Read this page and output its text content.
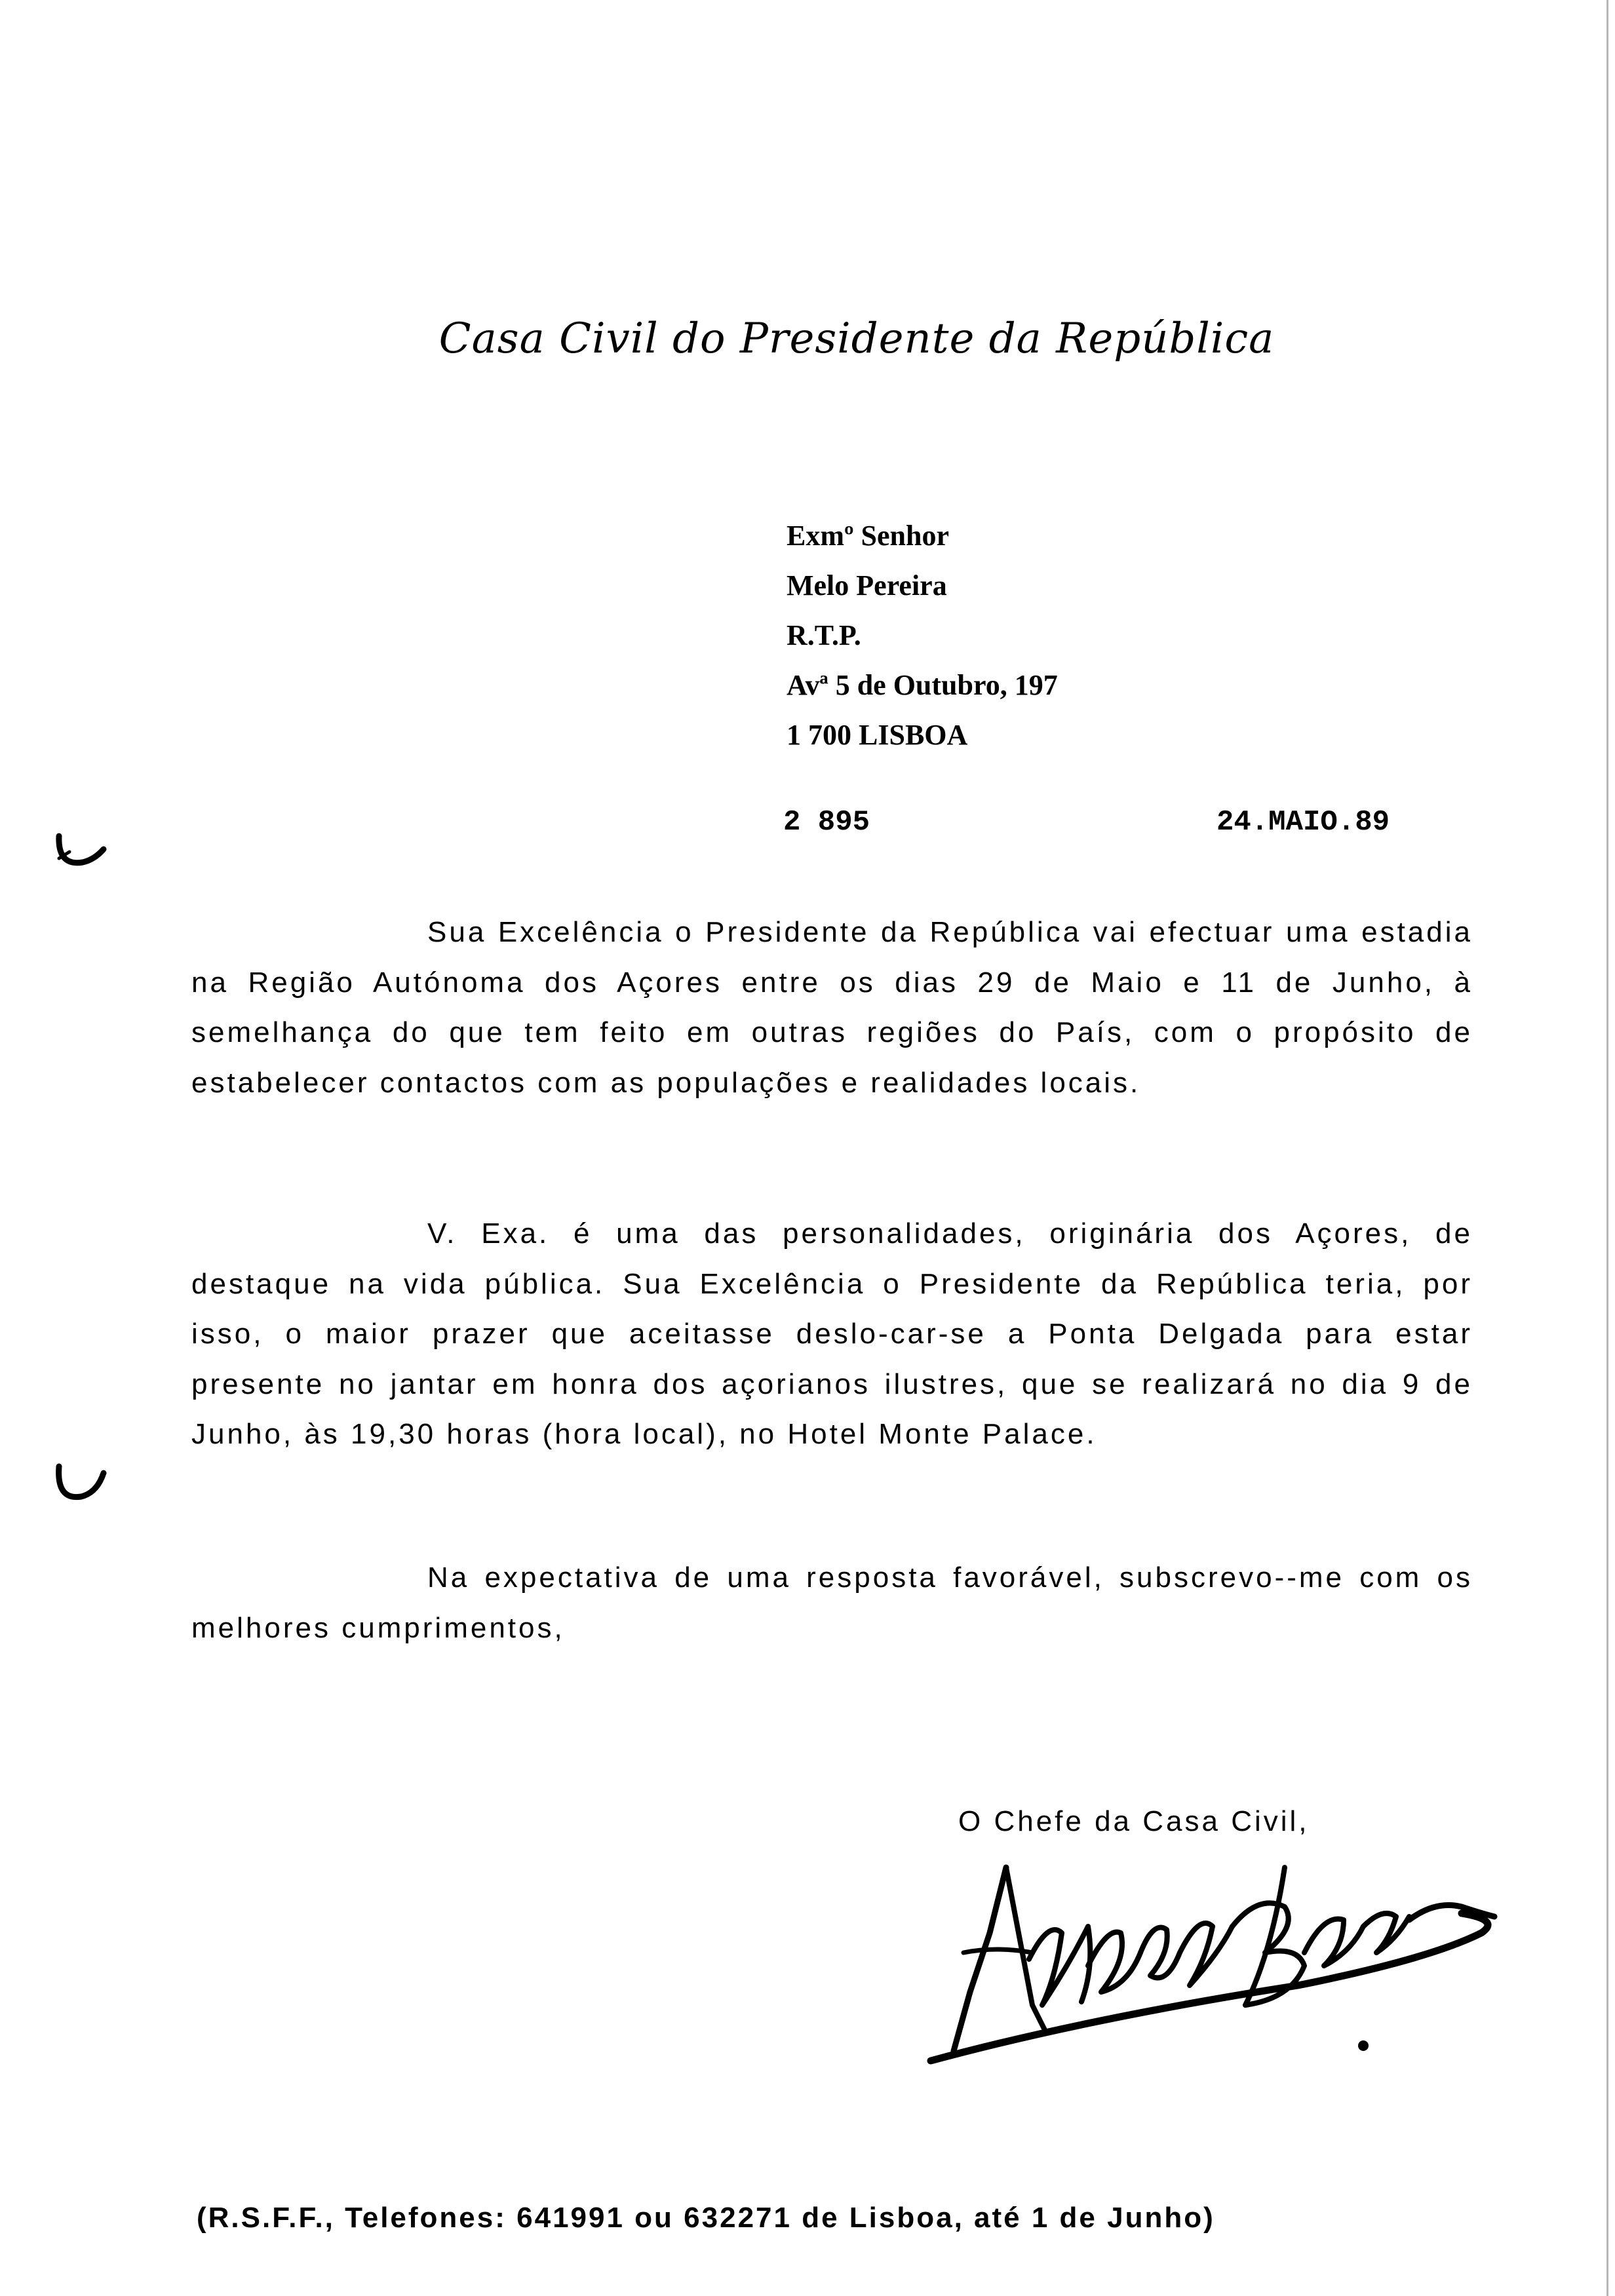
Casa Civil do Presidente da República
Exmº Senhor
Melo Pereira
R.T.P.
Avª 5 de Outubro, 197
1 700 LISBOA
2 895	24.MAIO.89
Sua Excelência o Presidente da República vai efectuar uma estadia na Região Autónoma dos Açores entre os dias 29 de Maio e 11 de Junho, à semelhança do que tem feito em outras regiões do País, com o propósito de estabelecer contactos com as populações e realidades locais.
V. Exa. é uma das personalidades, originária dos Açores, de destaque na vida pública. Sua Excelência o Presidente da República teria, por isso, o maior prazer que aceitasse deslo-car-se a Ponta Delgada para estar presente no jantar em honra dos açorianos ilustres, que se realizará no dia 9 de Junho, às 19,30 horas (hora local), no Hotel Monte Palace.
Na expectativa de uma resposta favorável, subscrevo--me com os melhores cumprimentos,
O Chefe da Casa Civil,
(R.S.F.F., Telefones: 641991 ou 632271 de Lisboa, até 1 de Junho)
